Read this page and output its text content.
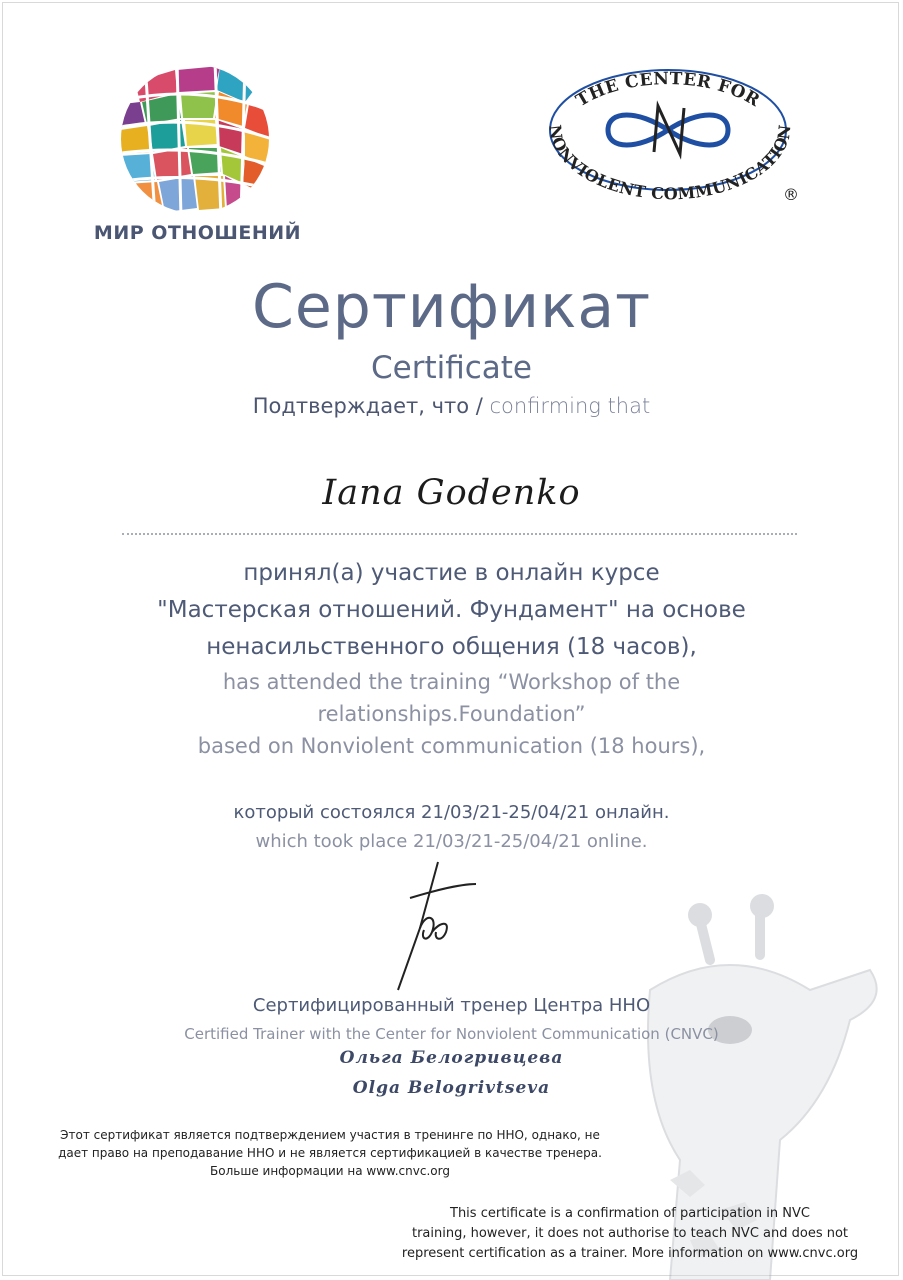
МИР ОТНОШЕНИЙ
THE CENTER FOR
NONVIOLENT COMMUNICATION
®
Сертификат
Certificate
Подтверждает, что / confirming that
Iana Godenko
принял(а) участие в онлайн курсе
"Мастерская отношений. Фундамент" на основе
ненасильственного общения (18 часов),
has attended the training “Workshop of the
relationships.Foundation”
based on Nonviolent communication (18 hours),
который состоялся 21/03/21-25/04/21 онлайн.
which took place 21/03/21-25/04/21 online.
Сертифицированный тренер Центра ННО
Certified Trainer with the Center for Nonviolent Communication (CNVC)
Ольга Белогривцева
Olga Belogrivtseva
Этот сертификат является подтверждением участия в тренинге по ННО, однако, не
дает право на преподавание ННО и не является сертификацией в качестве тренера.
Больше информации на www.cnvc.org
This certificate is a confirmation of participation in NVC
training, however, it does not authorise to teach NVC and does not
represent certification as a trainer. More information on www.cnvc.org
